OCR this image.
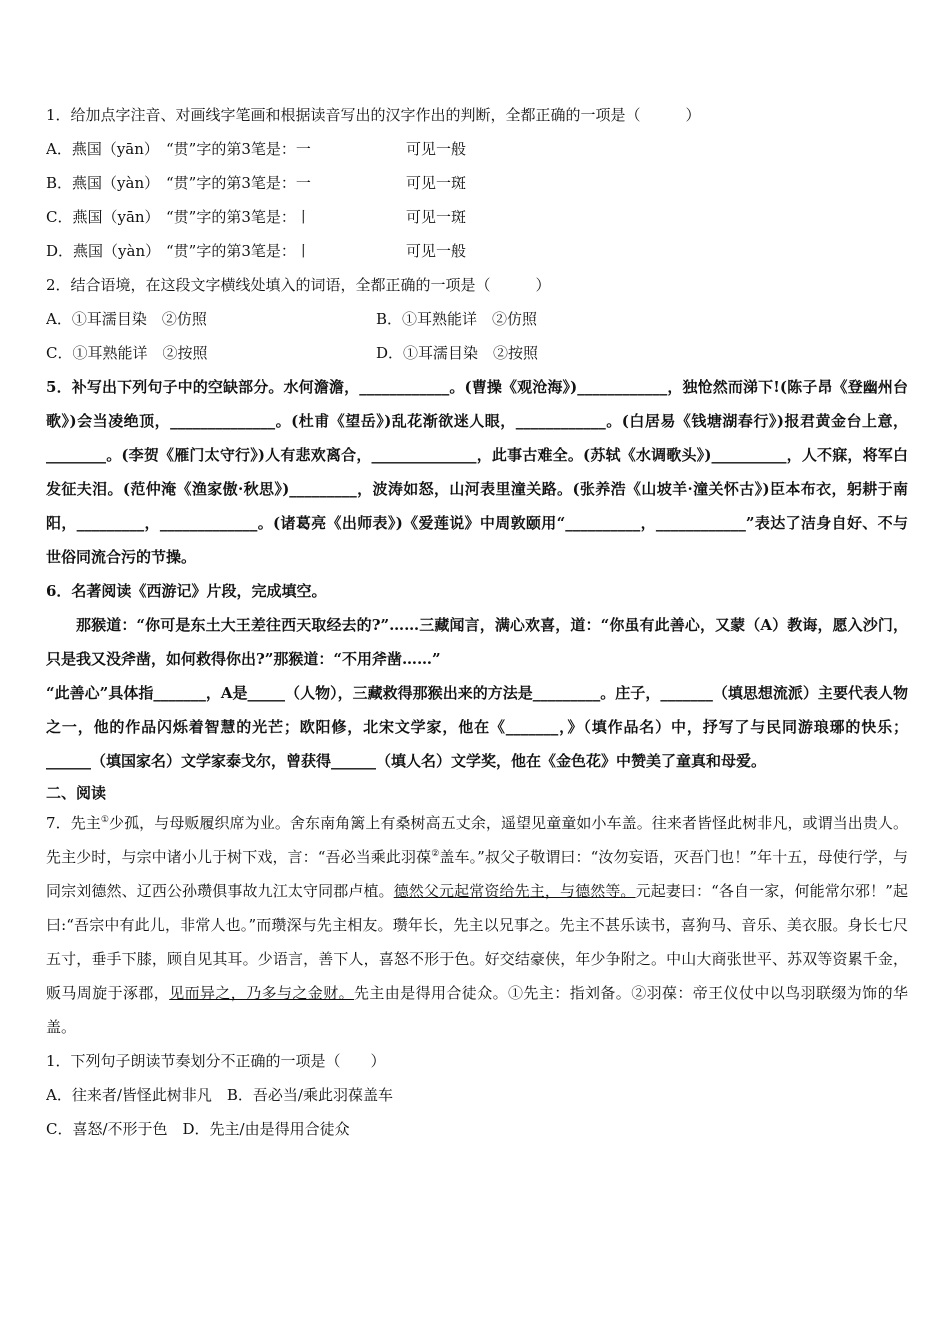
1．给加点字注音、对画线字笔画和根据读音写出的汉字作出的判断，全都正确的一项是（　　　）
A．燕国（yān） “贯”字的第3笔是：一	可见一般
B．燕国（yàn） “贯”字的第3笔是：一	可见一斑
C．燕国（yān） “贯”字的第3笔是：丨	可见一斑
D．燕国（yàn） “贯”字的第3笔是：丨	可见一般
2．结合语境，在这段文字横线处填入的词语，全都正确的一项是（　　　）
A．①耳濡目染　②仿照	B．①耳熟能详　②仿照
C．①耳熟能详　②按照	D．①耳濡目染　②按照
5．补写出下列句子中的空缺部分。水何澹澹，____________。(曹操《观沧海》)____________，独怆然而涕下!(陈子昂《登幽州台歌》)会当凌绝顶，______________。(杜甫《望岳》)乱花渐欲迷人眼，____________。(白居易《钱塘湖春行》)报君黄金台上意，________。(李贺《雁门太守行》)人有悲欢离合，______________，此事古难全。(苏轼《水调歌头》)__________，人不寐，将军白发征夫泪。(范仲淹《渔家傲·秋思》)_________，波涛如怒，山河表里潼关路。(张养浩《山坡羊·潼关怀古》)臣本布衣，躬耕于南阳，_________，_____________。(诸葛亮《出师表》)《爱莲说》中周敦颐用“__________，____________”表达了洁身自好、不与世俗同流合污的节操。
6．名著阅读《西游记》片段，完成填空。
那猴道：“你可是东土大王差往西天取经去的?”……三藏闻言，满心欢喜，道：“你虽有此善心，又蒙（A）教诲，愿入沙门，只是我又没斧凿，如何救得你出?”那猴道：“不用斧凿……”
“此善心”具体指_______，A是_____（人物），三藏救得那猴出来的方法是_________。庄子，_______（填思想流派）主要代表人物之一，他的作品闪烁着智慧的光芒；欧阳修，北宋文学家，他在《_______，》（填作品名）中，抒写了与民同游琅琊的快乐；______（填国家名）文学家泰戈尔，曾获得______（填人名）文学奖，他在《金色花》中赞美了童真和母爱。
二、阅读
7．先主①少孤，与母贩履织席为业。舍东南角篱上有桑树高五丈余，遥望见童童如小车盖。往来者皆怪此树非凡，或谓当出贵人。先主少时，与宗中诸小儿于树下戏，言：“吾必当乘此羽葆②盖车。”叔父子敬谓曰：“汝勿妄语，灭吾门也！”年十五，母使行学，与同宗刘德然、辽西公孙瓒俱事故九江太守同郡卢植。德然父元起常资给先主，与德然等。元起妻曰：“各自一家，何能常尔邪！”起曰:“吾宗中有此儿，非常人也。”而瓒深与先主相友。瓒年长，先主以兄事之。先主不甚乐读书，喜狗马、音乐、美衣服。身长七尺五寸，垂手下膝，顾自见其耳。少语言，善下人，喜怒不形于色。好交结豪侠，年少争附之。中山大商张世平、苏双等资累千金，贩马周旋于涿郡，见而异之，乃多与之金财。先主由是得用合徒众。①先主：指刘备。②羽葆：帝王仪仗中以鸟羽联缀为饰的华盖。
1．下列句子朗读节奏划分不正确的一项是（　　）
A．往来者/皆怪此树非凡　B．吾必当/乘此羽葆盖车
C．喜怒/不形于色　D．先主/由是得用合徒众
